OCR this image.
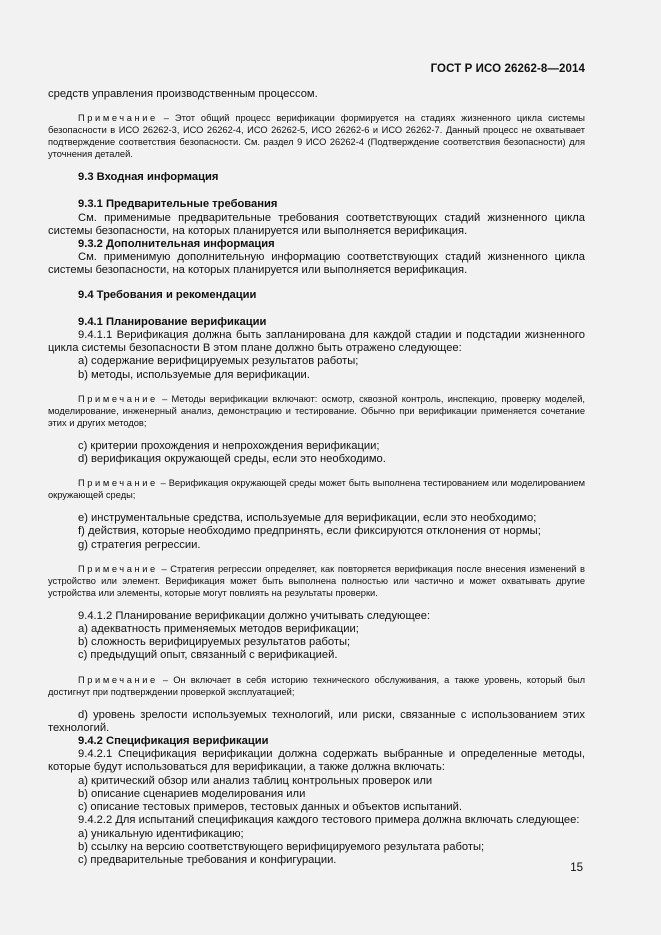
ГОСТ Р ИСО 26262-8—2014

средств управления производственным процессом.

Примечание – Этот общий процесс верификации формируется на стадиях жизненного цикла системы безопасности в ИСО 26262-3, ИСО 26262-4, ИСО 26262-5, ИСО 26262-6 и ИСО 26262-7. Данный процесс не охватывает подтверждение соответствия безопасности. См. раздел 9 ИСО 26262-4 (Подтверждение соответствия безопасности) для уточнения деталей.

9.3 Входная информация

9.3.1 Предварительные требования

См. применимые предварительные требования соответствующих стадий жизненного цикла системы безопасности, на которых планируется или выполняется верификация.

9.3.2 Дополнительная информация

См. применимую дополнительную информацию соответствующих стадий жизненного цикла системы безопасности, на которых планируется или выполняется верификация.

9.4 Требования и рекомендации

9.4.1 Планирование верификации

9.4.1.1 Верификация должна быть запланирована для каждой стадии и подстадии жизненного цикла системы безопасности В этом плане должно быть отражено следующее:

a) содержание верифицируемых результатов работы;

b) методы, используемые для верификации.

Примечание – Методы верификации включают: осмотр, сквозной контроль, инспекцию, проверку моделей, моделирование, инженерный анализ, демонстрацию и тестирование. Обычно при верификации применяется сочетание этих и других методов;

c) критерии прохождения и непрохождения верификации;

d) верификация окружающей среды, если это необходимо.

Примечание – Верификация окружающей среды может быть выполнена тестированием или моделированием окружающей среды;

e) инструментальные средства, используемые для верификации, если это необходимо;

f) действия, которые необходимо предпринять, если фиксируются отклонения от нормы;

g) стратегия регрессии.

Примечание – Стратегия регрессии определяет, как повторяется верификация после внесения изменений в устройство или элемент. Верификация может быть выполнена полностью или частично и может охватывать другие устройства или элементы, которые могут повлиять на результаты проверки.

9.4.1.2 Планирование верификации должно учитывать следующее:

a) адекватность применяемых методов верификации;

b) сложность верифицируемых результатов работы;

c) предыдущий опыт, связанный с верификацией.

Примечание – Он включает в себя историю технического обслуживания, а также уровень, который был достигнут при подтверждении проверкой эксплуатацией;

d) уровень зрелости используемых технологий, или риски, связанные с использованием этих технологий.

9.4.2 Спецификация верификации

9.4.2.1 Спецификация верификации должна содержать выбранные и определенные методы, которые будут использоваться для верификации, а также должна включать:

a) критический обзор или анализ таблиц контрольных проверок или

b) описание сценариев моделирования или

c) описание тестовых примеров, тестовых данных и объектов испытаний.

9.4.2.2 Для испытаний спецификация каждого тестового примера должна включать следующее:

a) уникальную идентификацию;

b) ссылку на версию соответствующего верифицируемого результата работы;

c) предварительные требования и конфигурации.

15
